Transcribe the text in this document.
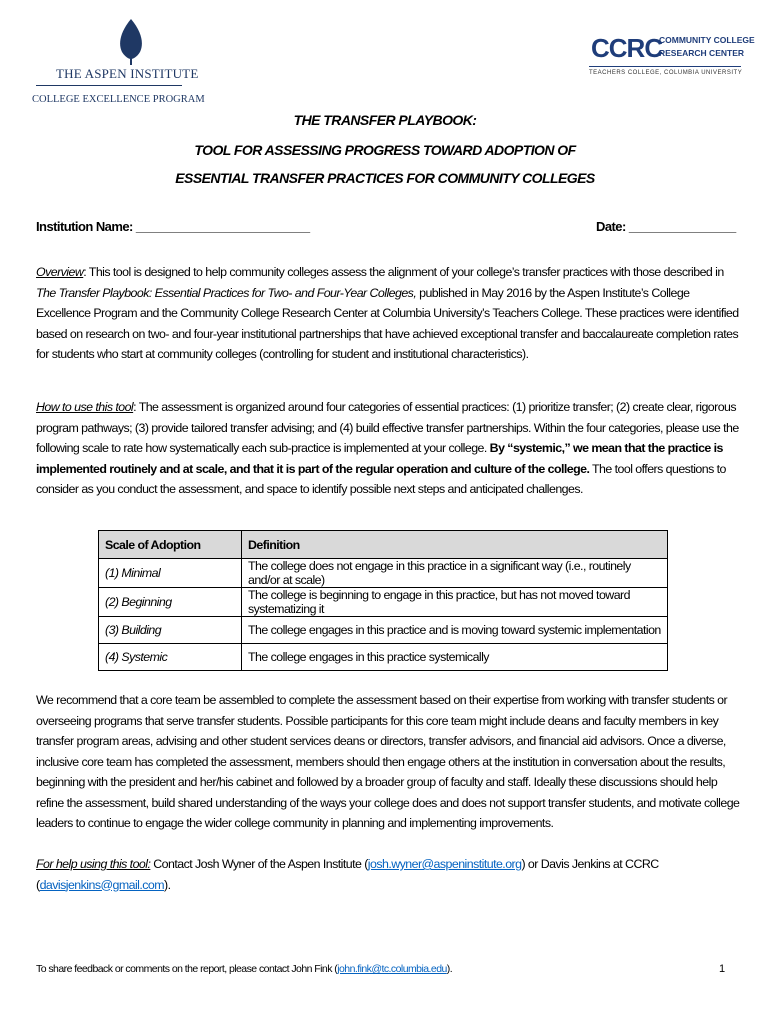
THE ASPEN INSTITUTE
COLLEGE EXCELLENCE PROGRAM
CCRC
COMMUNITY COLLEGE
RESEARCH CENTER
TEACHERS COLLEGE, COLUMBIA UNIVERSITY
THE TRANSFER PLAYBOOK:
TOOL FOR ASSESSING PROGRESS TOWARD ADOPTION OF
ESSENTIAL TRANSFER PRACTICES FOR COMMUNITY COLLEGES
Institution Name: __________________________	Date: ________________
Overview: This tool is designed to help community colleges assess the alignment of your college’s transfer practices with those described in The Transfer Playbook: Essential Practices for Two- and Four-Year Colleges, published in May 2016 by the Aspen Institute’s College Excellence Program and the Community College Research Center at Columbia University’s Teachers College. These practices were identified based on research on two- and four-year institutional partnerships that have achieved exceptional transfer and baccalaureate completion rates for students who start at community colleges (controlling for student and institutional characteristics).
How to use this tool: The assessment is organized around four categories of essential practices: (1) prioritize transfer; (2) create clear, rigorous program pathways; (3) provide tailored transfer advising; and (4) build effective transfer partnerships. Within the four categories, please use the following scale to rate how systematically each sub-practice is implemented at your college. By “systemic,” we mean that the practice is implemented routinely and at scale, and that it is part of the regular operation and culture of the college. The tool offers questions to consider as you conduct the assessment, and space to identify possible next steps and anticipated challenges.
Scale of Adoption	Definition
(1) Minimal	The college does not engage in this practice in a significant way (i.e., routinely and/or at scale)
(2) Beginning	The college is beginning to engage in this practice, but has not moved toward systematizing it
(3) Building	The college engages in this practice and is moving toward systemic implementation
(4) Systemic	The college engages in this practice systemically
We recommend that a core team be assembled to complete the assessment based on their expertise from working with transfer students or overseeing programs that serve transfer students. Possible participants for this core team might include deans and faculty members in key transfer program areas, advising and other student services deans or directors, transfer advisors, and financial aid advisors. Once a diverse, inclusive core team has completed the assessment, members should then engage others at the institution in conversation about the results, beginning with the president and her/his cabinet and followed by a broader group of faculty and staff. Ideally these discussions should help refine the assessment, build shared understanding of the ways your college does and does not support transfer students, and motivate college leaders to continue to engage the wider college community in planning and implementing improvements.
For help using this tool: Contact Josh Wyner of the Aspen Institute (josh.wyner@aspeninstitute.org) or Davis Jenkins at CCRC (davisjenkins@gmail.com).
To share feedback or comments on the report, please contact John Fink (john.fink@tc.columbia.edu).	1
